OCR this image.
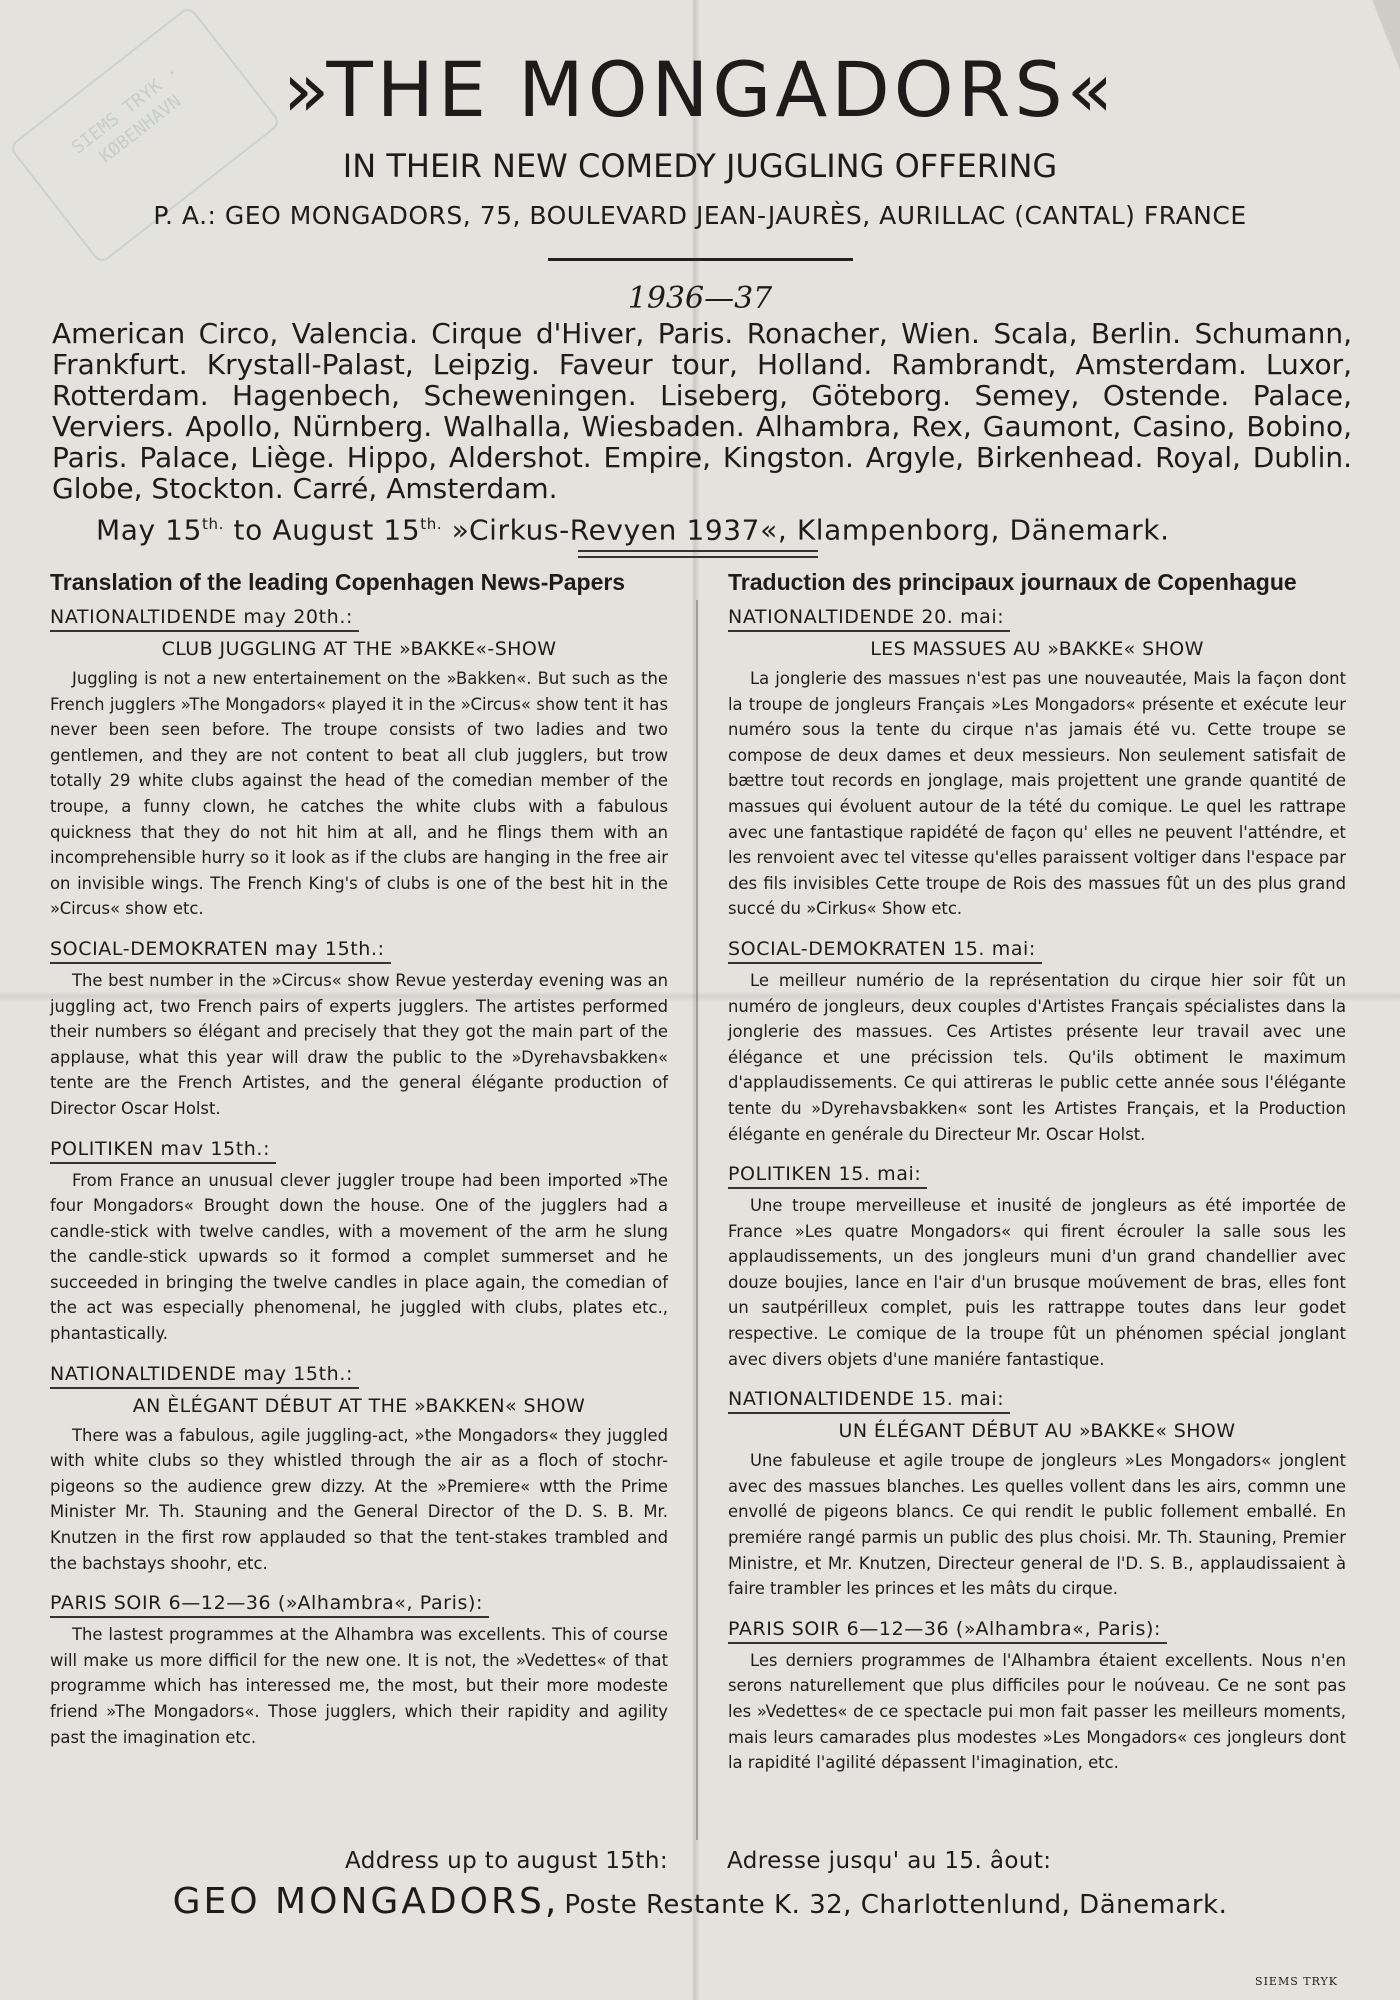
SIEMS TRYK · KØBENHAVN	»THE MONGADORS«
IN THEIR NEW COMEDY JUGGLING OFFERING
P. A.: GEO MONGADORS, 75, BOULEVARD JEAN-JAURÈS, AURILLAC (CANTAL) FRANCE
1936—37
American Circo, Valencia. Cirque d'Hiver, Paris. Ronacher, Wien. Scala, Berlin. Schumann, Frankfurt. Krystall-Palast, Leipzig. Faveur tour, Holland. Rambrandt, Amsterdam. Luxor, Rotterdam. Hagenbech, Scheweningen. Liseberg, Göteborg. Semey, Ostende. Palace, Verviers. Apollo, Nürnberg. Walhalla, Wiesbaden. Alhambra, Rex, Gaumont, Casino, Bobino, Paris. Palace, Liège. Hippo, Aldershot. Empire, Kingston. Argyle, Birkenhead. Royal, Dublin. Globe, Stockton. Carré, Amsterdam.
May $15^{th.}$ to August $15^{th.}$ »Cirkus-Revyen 1937«, Klampenborg, Dänemark.
Translation of the leading Copenhagen News-Papers
NATIONALTIDENDE may 20th.:
CLUB JUGGLING AT THE »BAKKE«-SHOW
Juggling is not a new entertainement on the »Bakken«. But such as the French jugglers »The Mongadors« played it in the »Circus« show tent it has never been seen before. The troupe consists of two ladies and two gentlemen, and they are not content to beat all club jugglers, but trow totally 29 white clubs against the head of the comedian member of the troupe, a funny clown, he catches the white clubs with a fabulous quickness that they do not hit him at all, and he flings them with an incomprehensible hurry so it look as if the clubs are hanging in the free air on invisible wings. The French King's of clubs is one of the best hit in the »Circus« show etc.
SOCIAL-DEMOKRATEN may 15th.:
The best number in the »Circus« show Revue yesterday evening was an juggling act, two French pairs of experts jugglers. The artistes performed their numbers so élégant and precisely that they got the main part of the applause, what this year will draw the public to the »Dyrehavsbakken« tente are the French Artistes, and the general élégante production of Director Oscar Holst.
POLITIKEN mav 15th.:
From France an unusual clever juggler troupe had been imported »The four Mongadors« Brought down the house. One of the jugglers had a candle-stick with twelve candles, with a movement of the arm he slung the candle-stick upwards so it formod a complet summerset and he succeeded in bringing the twelve candles in place again, the comedian of the act was especially phenomenal, he juggled with clubs, plates etc., phantastically.
NATIONALTIDENDE may 15th.:
AN ÈLÉGANT DÉBUT AT THE »BAKKEN« SHOW
There was a fabulous, agile juggling-act, »the Mongadors« they juggled with white clubs so they whistled through the air as a floch of stochr-pigeons so the audience grew dizzy. At the »Premiere« wtth the Prime Minister Mr. Th. Stauning and the General Director of the D. S. B. Mr. Knutzen in the first row applauded so that the tent-stakes trambled and the bachstays shoohr, etc.
PARIS SOIR 6—12—36 (»Alhambra«, Paris):
The lastest programmes at the Alhambra was excellents. This of course will make us more difficil for the new one. It is not, the »Vedettes« of that programme which has interessed me, the most, but their more modeste friend »The Mongadors«. Those jugglers, which their rapidity and agility past the imagination etc.
Traduction des principaux journaux de Copenhague
NATIONALTIDENDE 20. mai:
LES MASSUES AU »BAKKE« SHOW
La jonglerie des massues n'est pas une nouveautée, Mais la façon dont la troupe de jongleurs Français »Les Mongadors« présente et exécute leur numéro sous la tente du cirque n'as jamais été vu. Cette troupe se compose de deux dames et deux messieurs. Non seulement satisfait de bættre tout records en jonglage, mais projettent une grande quantité de massues qui évoluent autour de la tété du comique. Le quel les rattrape avec une fantastique rapidété de façon qu' elles ne peuvent l'atténdre, et les renvoient avec tel vitesse qu'elles paraissent voltiger dans l'espace par des fils invisibles Cette troupe de Rois des massues fût un des plus grand succé du »Cirkus« Show etc.
SOCIAL-DEMOKRATEN 15. mai:
Le meilleur numério de la représentation du cirque hier soir fût un numéro de jongleurs, deux couples d'Artistes Français spécialistes dans la jonglerie des massues. Ces Artistes présente leur travail avec une élégance et une précission tels. Qu'ils obtiment le maximum d'applaudissements. Ce qui attireras le public cette année sous l'élégante tente du »Dyrehavsbakken« sont les Artistes Français, et la Production élégante en genérale du Directeur Mr. Oscar Holst.
POLITIKEN 15. mai:
Une troupe merveilleuse et inusité de jongleurs as été importée de France »Les quatre Mongadors« qui firent écrouler la salle sous les applaudissements, un des jongleurs muni d'un grand chandellier avec douze boujies, lance en l'air d'un brusque moúvement de bras, elles font un sautpérilleux complet, puis les rattrappe toutes dans leur godet respective. Le comique de la troupe fût un phénomen spécial jonglant avec divers objets d'une maniére fantastique.
NATIONALTIDENDE 15. mai:
UN ÉLÉGANT DÉBUT AU »BAKKE« SHOW
Une fabuleuse et agile troupe de jongleurs »Les Mongadors« jonglent avec des massues blanches. Les quelles vollent dans les airs, commn une envollé de pigeons blancs. Ce qui rendit le public follement emballé. En premiére rangé parmis un public des plus choisi. Mr. Th. Stauning, Premier Ministre, et Mr. Knutzen, Directeur general de l'D. S. B., applaudissaient à faire trambler les princes et les mâts du cirque.
PARIS SOIR 6—12—36 (»Alhambra«, Paris):
Les derniers programmes de l'Alhambra étaient excellents. Nous n'en serons naturellement que plus difficiles pour le noúveau. Ce ne sont pas les »Vedettes« de ce spectacle pui mon fait passer les meilleurs moments, mais leurs camarades plus modestes »Les Mongadors« ces jongleurs dont la rapidité l'agilité dépassent l'imagination, etc.
Address up to august 15th:	Adresse jusqu' au 15. âout:
GEO MONGADORS, Poste Restante K. 32, Charlottenlund, Dänemark.
SIEMS TRYK
